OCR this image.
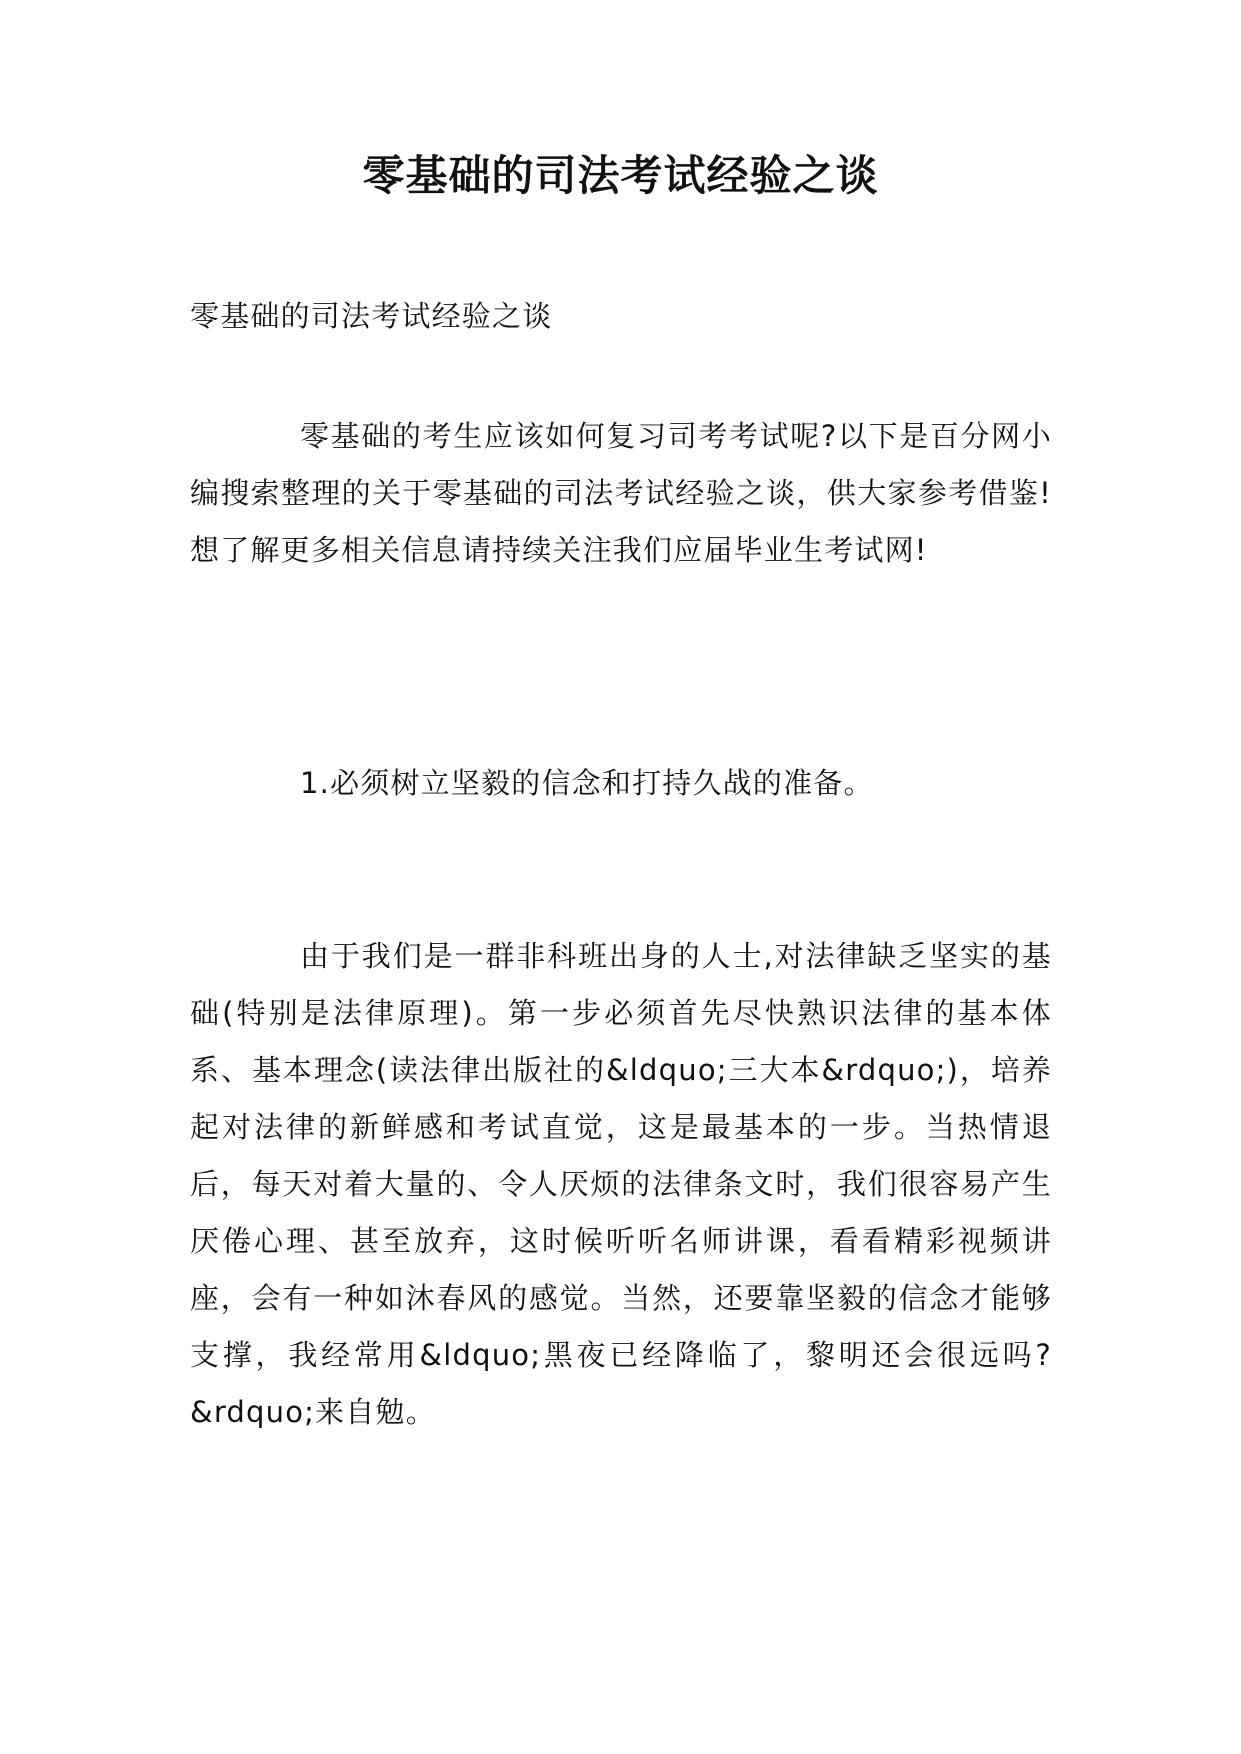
零基础的司法考试经验之谈
零基础的司法考试经验之谈
零基础的考生应该如何复习司考考试呢?以下是百分网小编搜索整理的关于零基础的司法考试经验之谈，供大家参考借鉴!想了解更多相关信息请持续关注我们应届毕业生考试网!
1.必须树立坚毅的信念和打持久战的准备。
由于我们是一群非科班出身的人士,对法律缺乏坚实的基础(特别是法律原理)。第一步必须首先尽快熟识法律的基本体系、基本理念(读法律出版社的&ldquo;三大本&rdquo;)，培养起对法律的新鲜感和考试直觉，这是最基本的一步。当热情退后，每天对着大量的、令人厌烦的法律条文时，我们很容易产生厌倦心理、甚至放弃，这时候听听名师讲课，看看精彩视频讲座，会有一种如沐春风的感觉。当然，还要靠坚毅的信念才能够支撑，我经常用&ldquo;黑夜已经降临了，黎明还会很远吗?&rdquo;来自勉。
